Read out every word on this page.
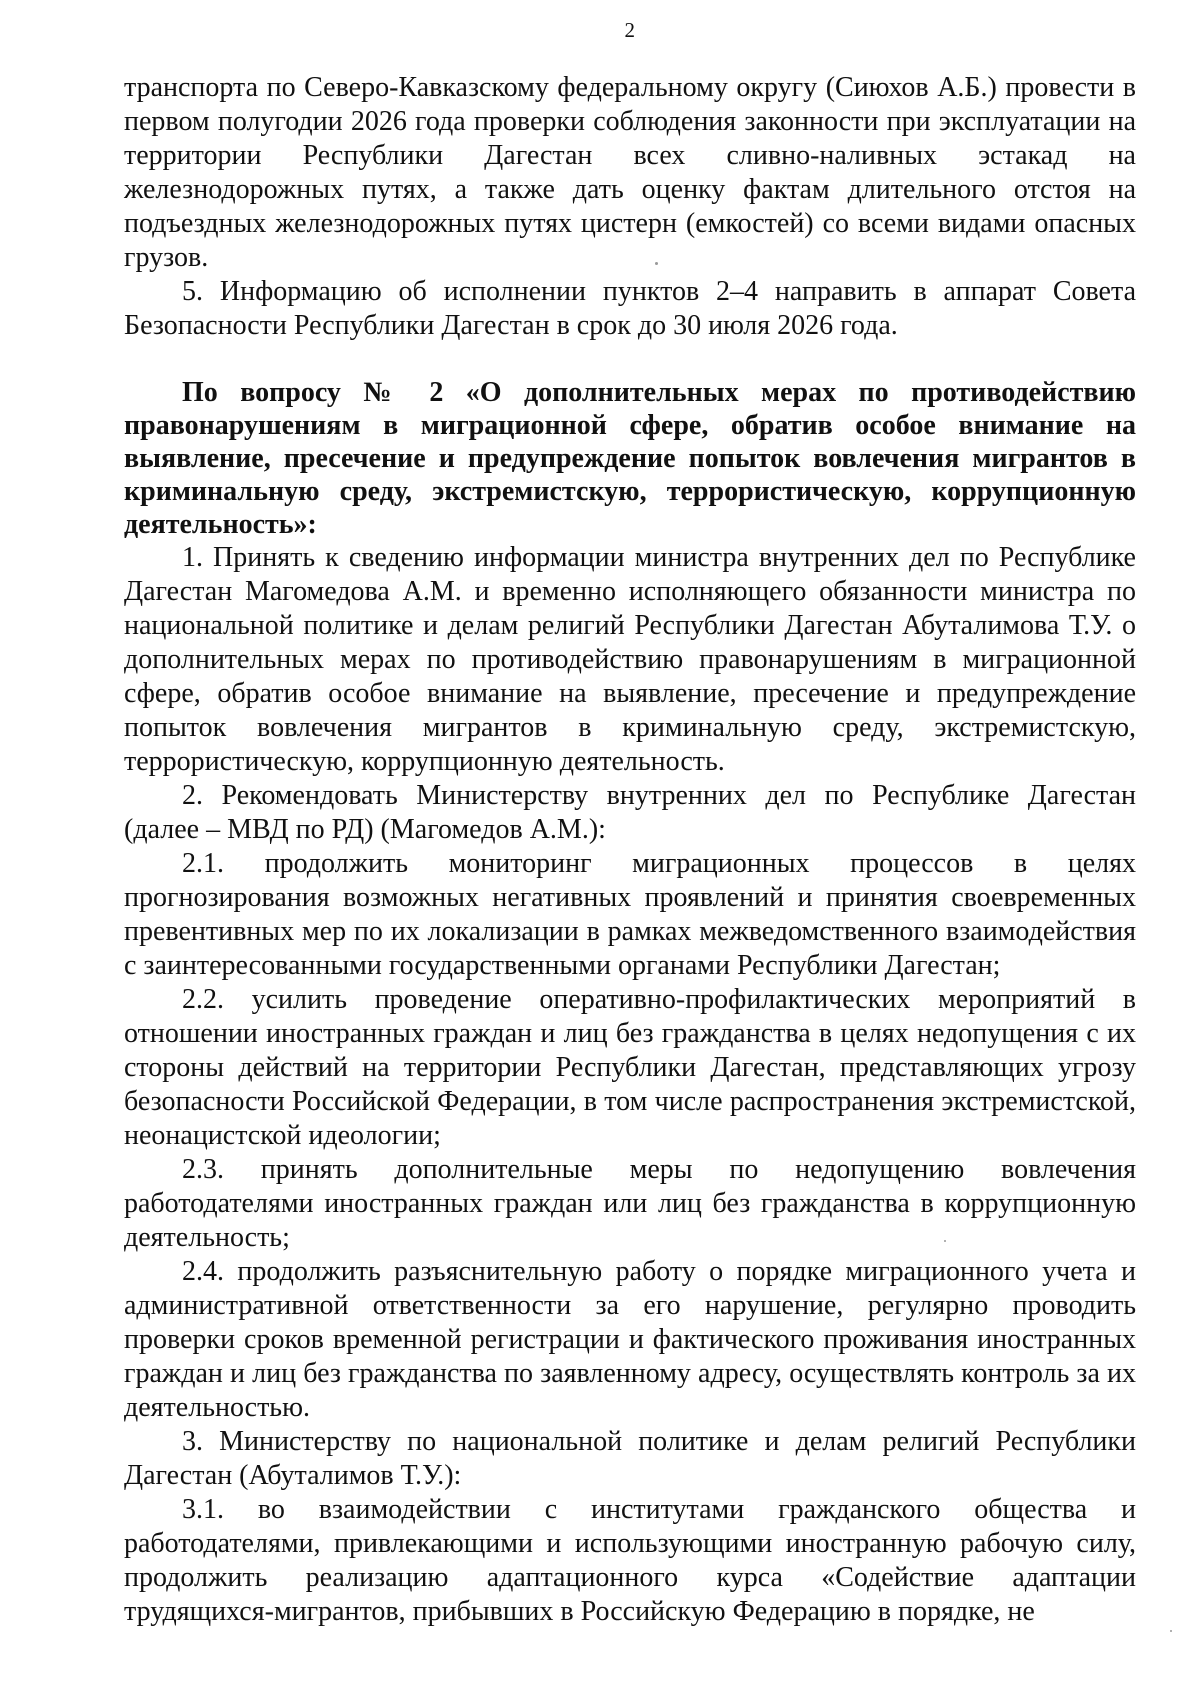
2

транспорта по Северо-Кавказскому федеральному округу (Сиюхов А.Б.) провести в первом полугодии 2026 года проверки соблюдения законности при эксплуатации на территории Республики Дагестан всех сливно-наливных эстакад на железнодорожных путях, а также дать оценку фактам длительного отстоя на подъездных железнодорожных путях цистерн (емкостей) со всеми видами опасных грузов.

5. Информацию об исполнении пунктов 2–4 направить в аппарат Совета Безопасности Республики Дагестан в срок до 30 июля 2026 года.

По вопросу № 2 «О дополнительных мерах по противодействию правонарушениям в миграционной сфере, обратив особое внимание на выявление, пресечение и предупреждение попыток вовлечения мигрантов в криминальную среду, экстремистскую, террористическую, коррупционную деятельность»:

1. Принять к сведению информации министра внутренних дел по Республике Дагестан Магомедова А.М. и временно исполняющего обязанности министра по национальной политике и делам религий Республики Дагестан Абуталимова Т.У. о дополнительных мерах по противодействию правонарушениям в миграционной сфере, обратив особое внимание на выявление, пресечение и предупреждение попыток вовлечения мигрантов в криминальную среду, экстремистскую, террористическую, коррупционную деятельность.

2. Рекомендовать Министерству внутренних дел по Республике Дагестан (далее – МВД по РД) (Магомедов А.М.):

2.1. продолжить мониторинг миграционных процессов в целях прогнозирования возможных негативных проявлений и принятия своевременных превентивных мер по их локализации в рамках межведомственного взаимодействия с заинтересованными государственными органами Республики Дагестан;

2.2. усилить проведение оперативно-профилактических мероприятий в отношении иностранных граждан и лиц без гражданства в целях недопущения с их стороны действий на территории Республики Дагестан, представляющих угрозу безопасности Российской Федерации, в том числе распространения экстремистской, неонацистской идеологии;

2.3. принять дополнительные меры по недопущению вовлечения работодателями иностранных граждан или лиц без гражданства в коррупционную деятельность;

2.4. продолжить разъяснительную работу о порядке миграционного учета и административной ответственности за его нарушение, регулярно проводить проверки сроков временной регистрации и фактического проживания иностранных граждан и лиц без гражданства по заявленному адресу, осуществлять контроль за их деятельностью.

3. Министерству по национальной политике и делам религий Республики Дагестан (Абуталимов Т.У.):

3.1. во взаимодействии с институтами гражданского общества и работодателями, привлекающими и использующими иностранную рабочую силу, продолжить реализацию адаптационного курса «Содействие адаптации трудящихся-мигрантов, прибывших в Российскую Федерацию в порядке, не
